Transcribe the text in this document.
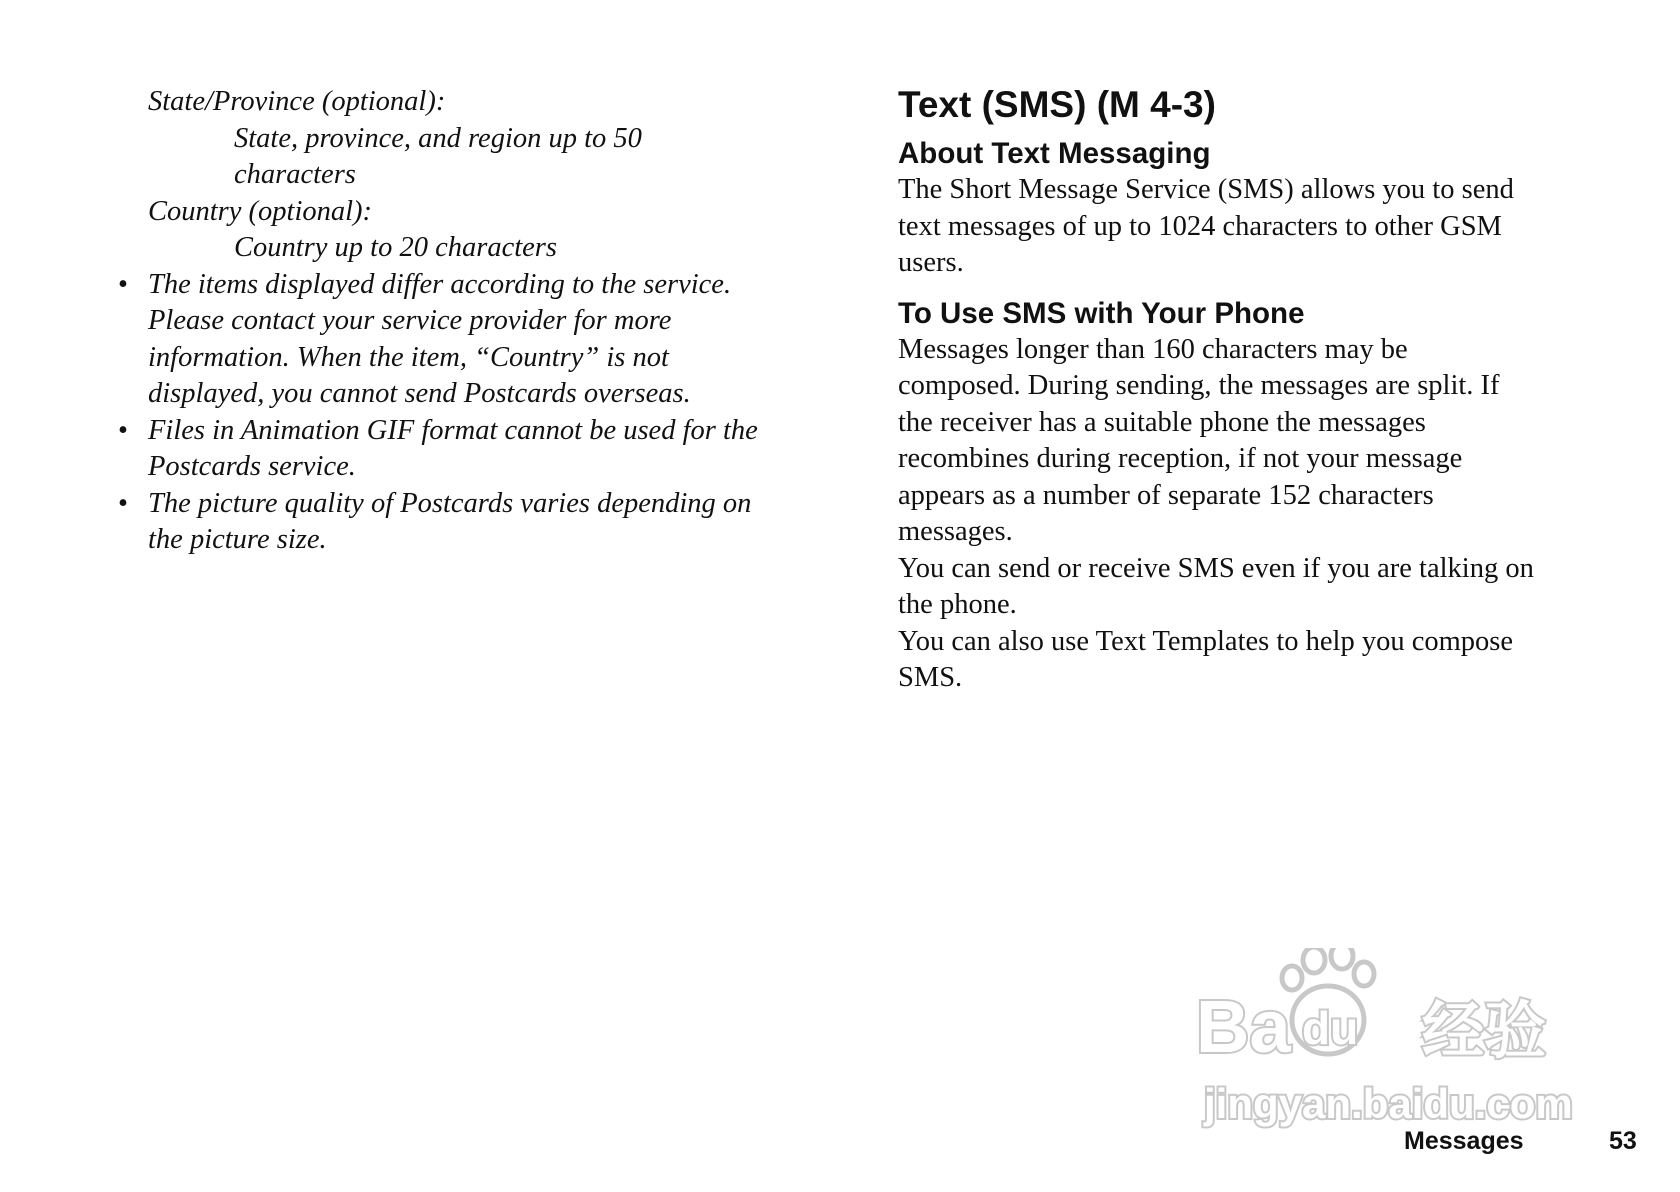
State/Province (optional):
State, province, and region up to 50
characters
Country (optional):
Country up to 20 characters
• The items displayed differ according to the service.
Please contact your service provider for more
information. When the item, “Country” is not
displayed, you cannot send Postcards overseas.
• Files in Animation GIF format cannot be used for the
Postcards service.
• The picture quality of Postcards varies depending on
the picture size.
Text (SMS) (M 4-3)
About Text Messaging

The Short Message Service (SMS) allows you to send

text messages of up to 1024 characters to other GSM

users.

To Use SMS with Your Phone

Messages longer than 160 characters may be

composed. During sending, the messages are split. If

the receiver has a suitable phone the messages

recombines during reception, if not your message

appears as a number of separate 152 characters

messages.

You can send or receive SMS even if you are talking on

the phone.

You can also use Text Templates to help you compose

SMS.

Ba du 经验
jingyan.baidu.com
Messages	53
